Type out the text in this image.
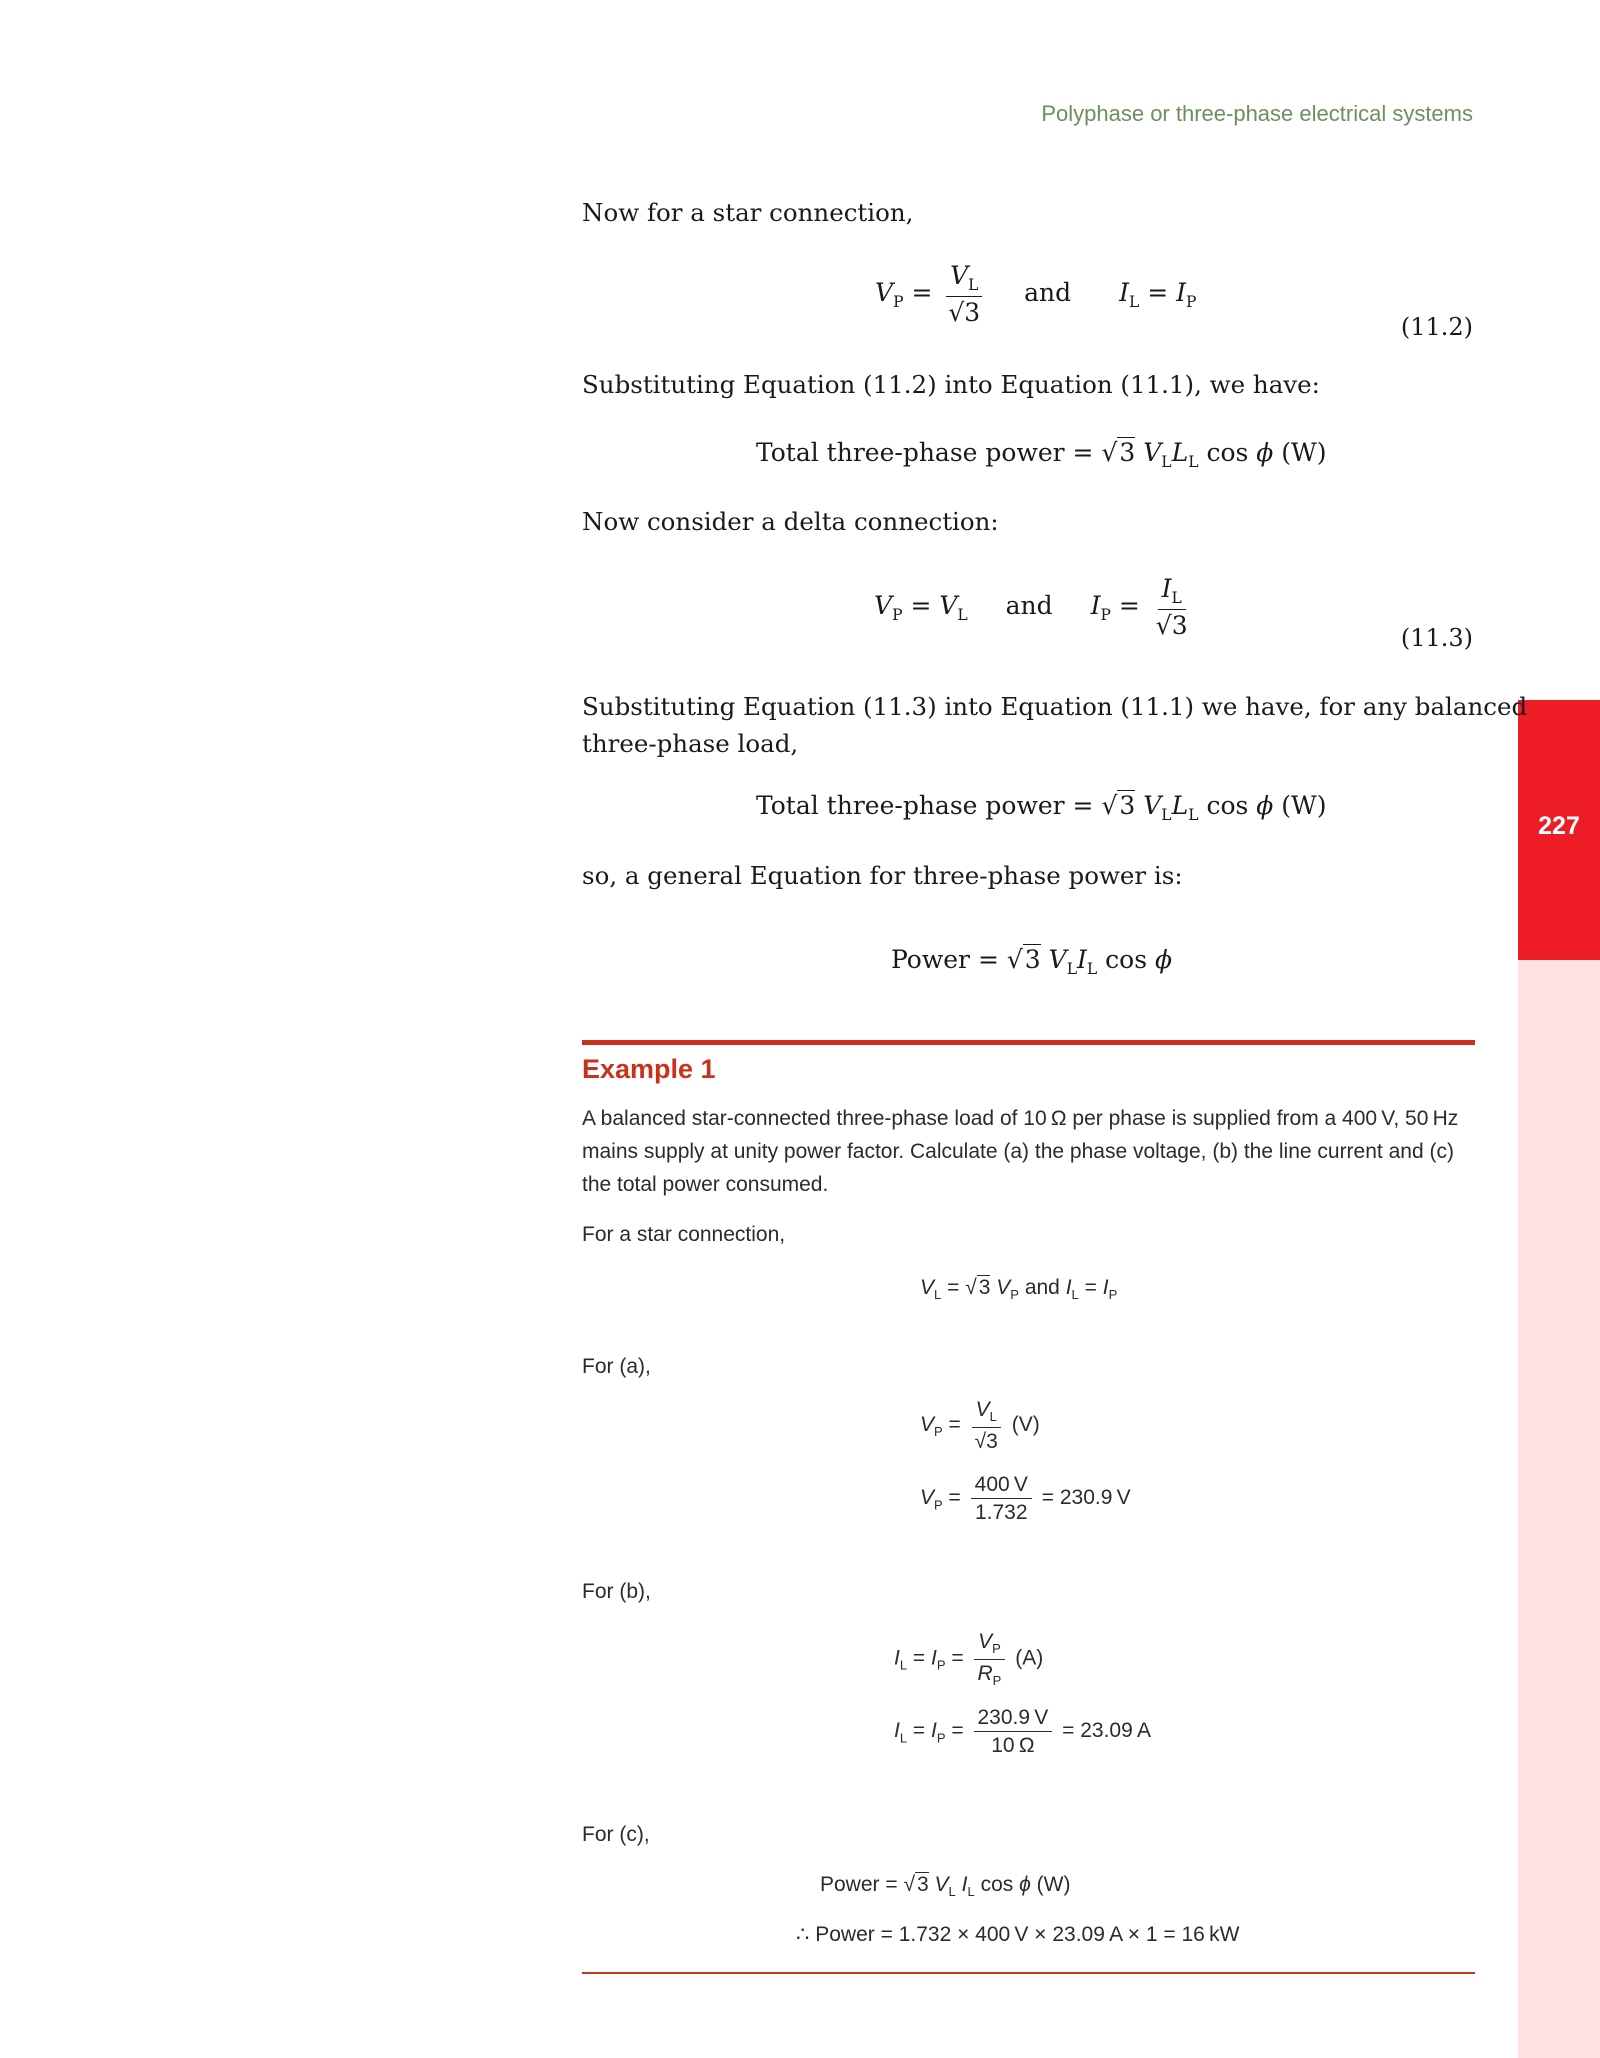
Polyphase or three-phase electrical systems
227
Now for a star connection,
$V_P = \frac{V_L}{√3}$ and $I_L = I_P$
(11.2)
Substituting Equation (11.2) into Equation (11.1), we have:
Total three-phase power = √3 $V_LL_L$ cos ϕ (W)
Now consider a delta connection:
$V_P = V_L$ and $I_P = \frac{I_L}{√3}$	(11.3)
Substituting Equation (11.3) into Equation (11.1) we have, for any balanced
three-phase load,
Total three-phase power = √3 $V_LL_L$ cos ϕ (W)
so, a general Equation for three-phase power is:
Power = √3 $V_LI_L$ cos ϕ
Example 1
A balanced star-connected three-phase load of 10 Ω per phase is supplied from a 400 V, 50 Hz
mains supply at unity power factor. Calculate (a) the phase voltage, (b) the line current and (c)
the total power consumed.
For a star connection,
$V_L = √3$ $V_P$ and $I_L = I_P$
For (a),
$V_P = \frac{V_L}{√3} (V)$
$V_P = \frac{400 V}{1.732} = 230.9$ V
For (b),
$I_L = I_P = \frac{V_P}{R_P} (A)$
$I_L = I_P = \frac{230.9 V}{10 \Omega} = 23.09$ A
For (c),
Power = √3 $V_L$ $I_L$ cos ϕ (W)
∴ Power = 1.732 × 400 V × 23.09 A × 1 = 16 kW
